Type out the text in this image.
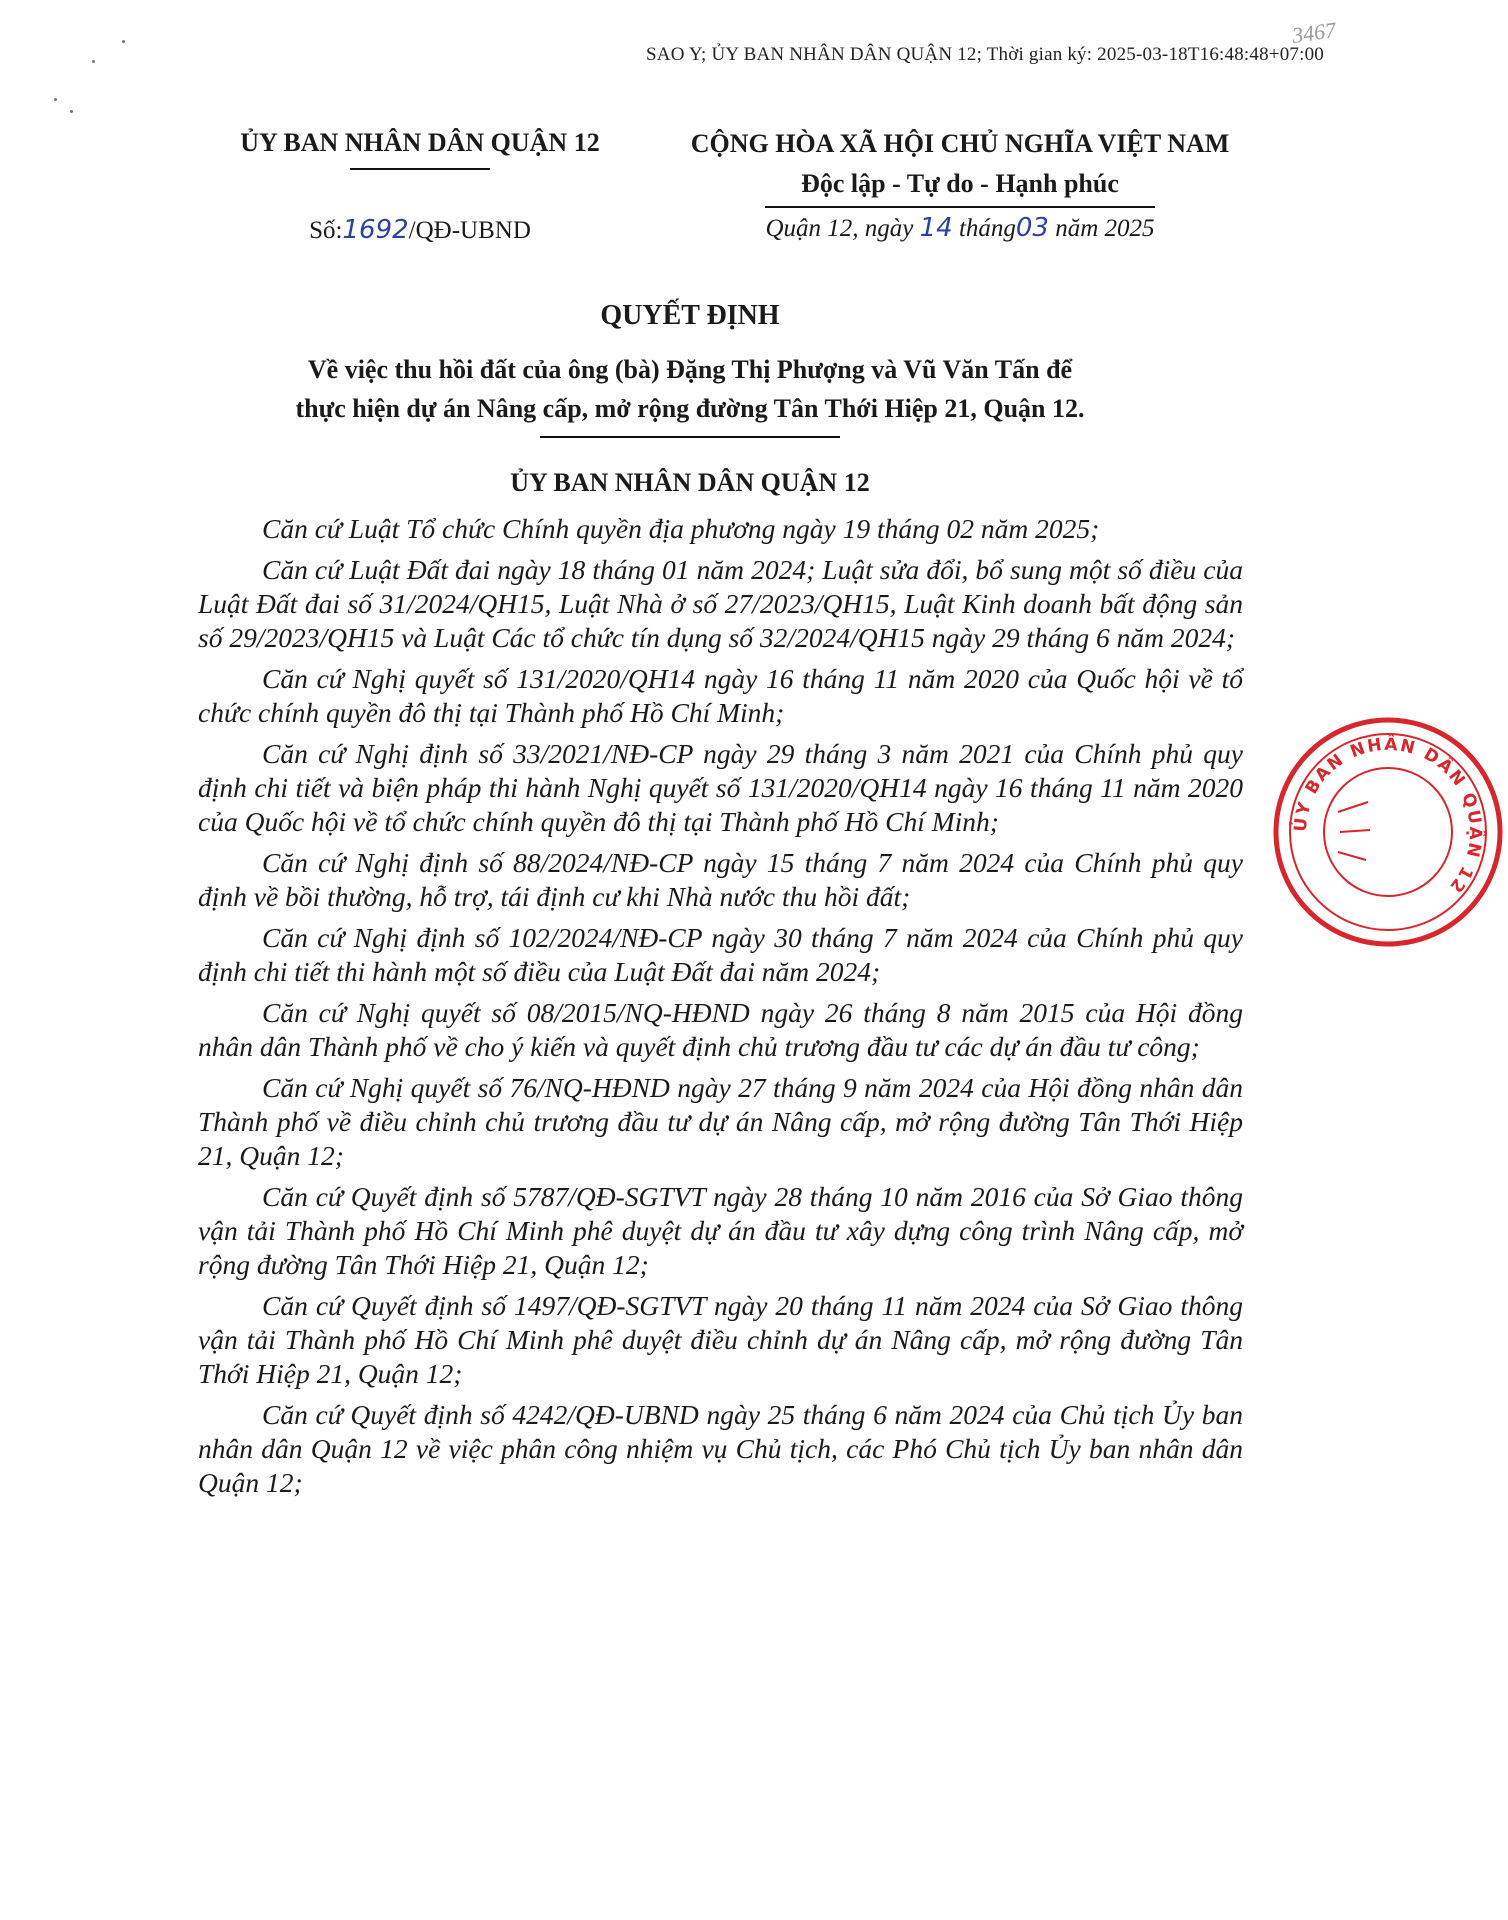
3467
SAO Y; ỦY BAN NHÂN DÂN QUẬN 12; Thời gian ký: 2025-03-18T16:48:48+07:00
ỦY BAN NHÂN DÂN QUẬN 12	CỘNG HÒA XÃ HỘI CHỦ NGHĨA VIỆT NAM
Độc lập - Tự do - Hạnh phúc
Số:1692/QĐ-UBND	Quận 12, ngày 14 tháng03 năm 2025
QUYẾT ĐỊNH
Về việc thu hồi đất của ông (bà) Đặng Thị Phượng và Vũ Văn Tấn để
thực hiện dự án Nâng cấp, mở rộng đường Tân Thới Hiệp 21, Quận 12.
ỦY BAN NHÂN DÂN QUẬN 12

Căn cứ Luật Tổ chức Chính quyền địa phương ngày 19 tháng 02 năm 2025;

Căn cứ Luật Đất đai ngày 18 tháng 01 năm 2024; Luật sửa đổi, bổ sung một số điều của Luật Đất đai số 31/2024/QH15, Luật Nhà ở số 27/2023/QH15, Luật Kinh doanh bất động sản số 29/2023/QH15 và Luật Các tổ chức tín dụng số 32/2024/QH15 ngày 29 tháng 6 năm 2024;

Căn cứ Nghị quyết số 131/2020/QH14 ngày 16 tháng 11 năm 2020 của Quốc hội về tổ chức chính quyền đô thị tại Thành phố Hồ Chí Minh;

Căn cứ Nghị định số 33/2021/NĐ-CP ngày 29 tháng 3 năm 2021 của Chính phủ quy định chi tiết và biện pháp thi hành Nghị quyết số 131/2020/QH14 ngày 16 tháng 11 năm 2020 của Quốc hội về tổ chức chính quyền đô thị tại Thành phố Hồ Chí Minh;

Căn cứ Nghị định số 88/2024/NĐ-CP ngày 15 tháng 7 năm 2024 của Chính phủ quy định về bồi thường, hỗ trợ, tái định cư khi Nhà nước thu hồi đất;

Căn cứ Nghị định số 102/2024/NĐ-CP ngày 30 tháng 7 năm 2024 của Chính phủ quy định chi tiết thi hành một số điều của Luật Đất đai năm 2024;

Căn cứ Nghị quyết số 08/2015/NQ-HĐND ngày 26 tháng 8 năm 2015 của Hội đồng nhân dân Thành phố về cho ý kiến và quyết định chủ trương đầu tư các dự án đầu tư công;

Căn cứ Nghị quyết số 76/NQ-HĐND ngày 27 tháng 9 năm 2024 của Hội đồng nhân dân Thành phố về điều chỉnh chủ trương đầu tư dự án Nâng cấp, mở rộng đường Tân Thới Hiệp 21, Quận 12;

Căn cứ Quyết định số 5787/QĐ-SGTVT ngày 28 tháng 10 năm 2016 của Sở Giao thông vận tải Thành phố Hồ Chí Minh phê duyệt dự án đầu tư xây dựng công trình Nâng cấp, mở rộng đường Tân Thới Hiệp 21, Quận 12;

Căn cứ Quyết định số 1497/QĐ-SGTVT ngày 20 tháng 11 năm 2024 của Sở Giao thông vận tải Thành phố Hồ Chí Minh phê duyệt điều chỉnh dự án Nâng cấp, mở rộng đường Tân Thới Hiệp 21, Quận 12;

Căn cứ Quyết định số 4242/QĐ-UBND ngày 25 tháng 6 năm 2024 của Chủ tịch Ủy ban nhân dân Quận 12 về việc phân công nhiệm vụ Chủ tịch, các Phó Chủ tịch Ủy ban nhân dân Quận 12;

ỦY BAN NHÂN DÂN QUẬN 12
